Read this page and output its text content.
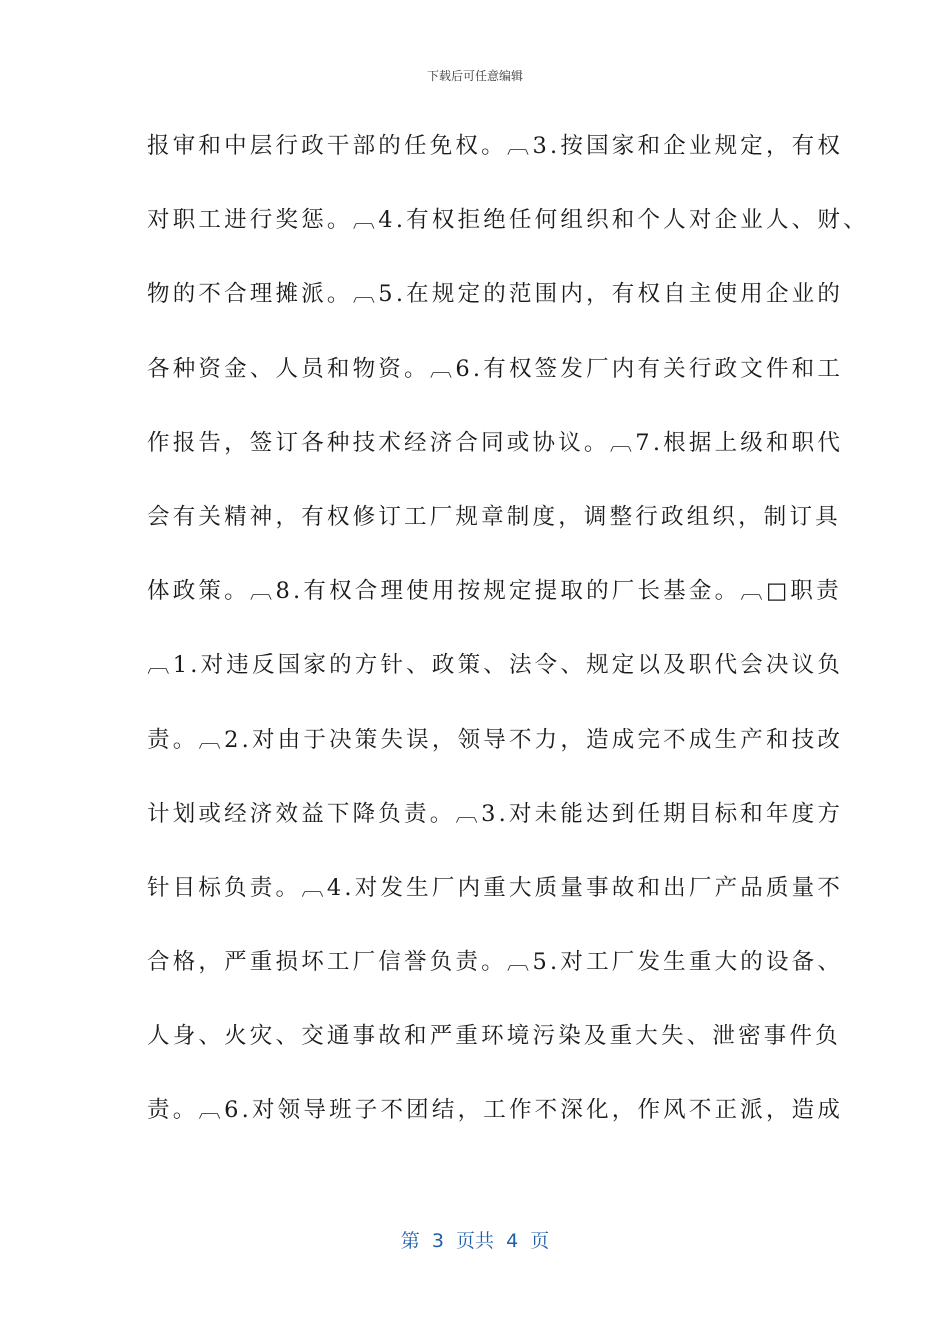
下载后可任意编辑
报审和中层行政干部的任免权。︹3.按国家和企业规定，有权
对职工进行奖惩。︹4.有权拒绝任何组织和个人对企业人、财、
物的不合理摊派。︹5.在规定的范围内，有权自主使用企业的
各种资金、人员和物资。︹6.有权签发厂内有关行政文件和工
作报告，签订各种技术经济合同或协议。︹7.根据上级和职代
会有关精神，有权修订工厂规章制度，调整行政组织，制订具
体政策。︹8.有权合理使用按规定提取的厂长基金。︹□职责
︹1.对违反国家的方针、政策、法令、规定以及职代会决议负
责。︹2.对由于决策失误，领导不力，造成完不成生产和技改
计划或经济效益下降负责。︹3.对未能达到任期目标和年度方
针目标负责。︹4.对发生厂内重大质量事故和出厂产品质量不
合格，严重损坏工厂信誉负责。︹5.对工厂发生重大的设备、
人身、火灾、交通事故和严重环境污染及重大失、泄密事件负
责。︹6.对领导班子不团结，工作不深化，作风不正派，造成
第  3  页共  4  页
